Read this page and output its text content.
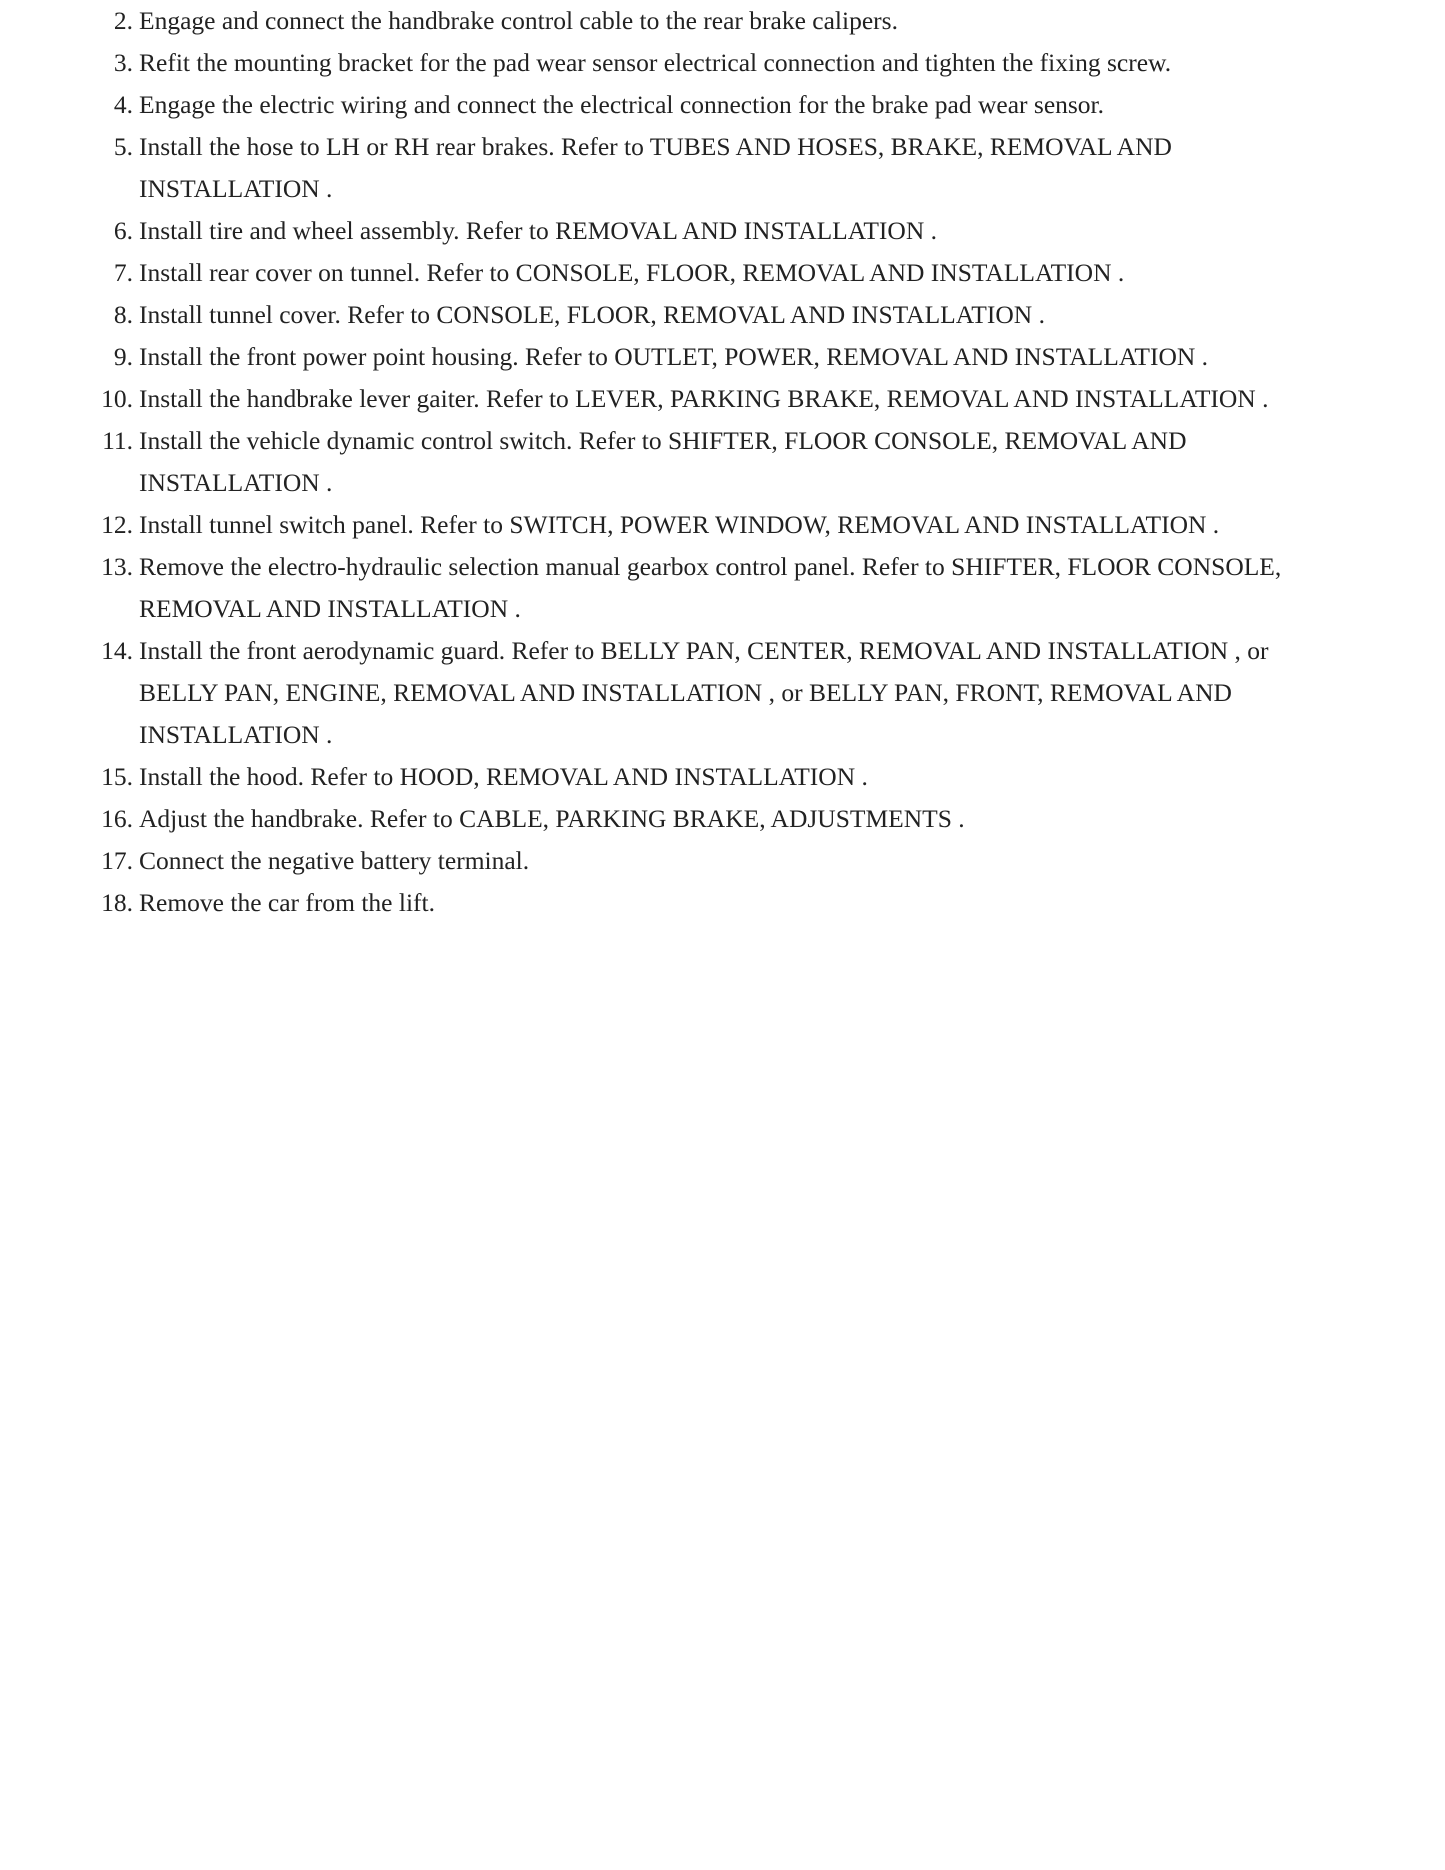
2. Engage and connect the handbrake control cable to the rear brake calipers.
3. Refit the mounting bracket for the pad wear sensor electrical connection and tighten the fixing screw.
4. Engage the electric wiring and connect the electrical connection for the brake pad wear sensor.
5. Install the hose to LH or RH rear brakes. Refer to TUBES AND HOSES, BRAKE, REMOVAL AND INSTALLATION .
6. Install tire and wheel assembly. Refer to REMOVAL AND INSTALLATION .
7. Install rear cover on tunnel. Refer to CONSOLE, FLOOR, REMOVAL AND INSTALLATION .
8. Install tunnel cover. Refer to CONSOLE, FLOOR, REMOVAL AND INSTALLATION .
9. Install the front power point housing. Refer to OUTLET, POWER, REMOVAL AND INSTALLATION .
10. Install the handbrake lever gaiter. Refer to LEVER, PARKING BRAKE, REMOVAL AND INSTALLATION .
11. Install the vehicle dynamic control switch. Refer to SHIFTER, FLOOR CONSOLE, REMOVAL AND INSTALLATION .
12. Install tunnel switch panel. Refer to SWITCH, POWER WINDOW, REMOVAL AND INSTALLATION .
13. Remove the electro-hydraulic selection manual gearbox control panel. Refer to SHIFTER, FLOOR CONSOLE, REMOVAL AND INSTALLATION .
14. Install the front aerodynamic guard. Refer to BELLY PAN, CENTER, REMOVAL AND INSTALLATION , or BELLY PAN, ENGINE, REMOVAL AND INSTALLATION , or BELLY PAN, FRONT, REMOVAL AND INSTALLATION .
15. Install the hood. Refer to HOOD, REMOVAL AND INSTALLATION .
16. Adjust the handbrake. Refer to CABLE, PARKING BRAKE, ADJUSTMENTS .
17. Connect the negative battery terminal.
18. Remove the car from the lift.
